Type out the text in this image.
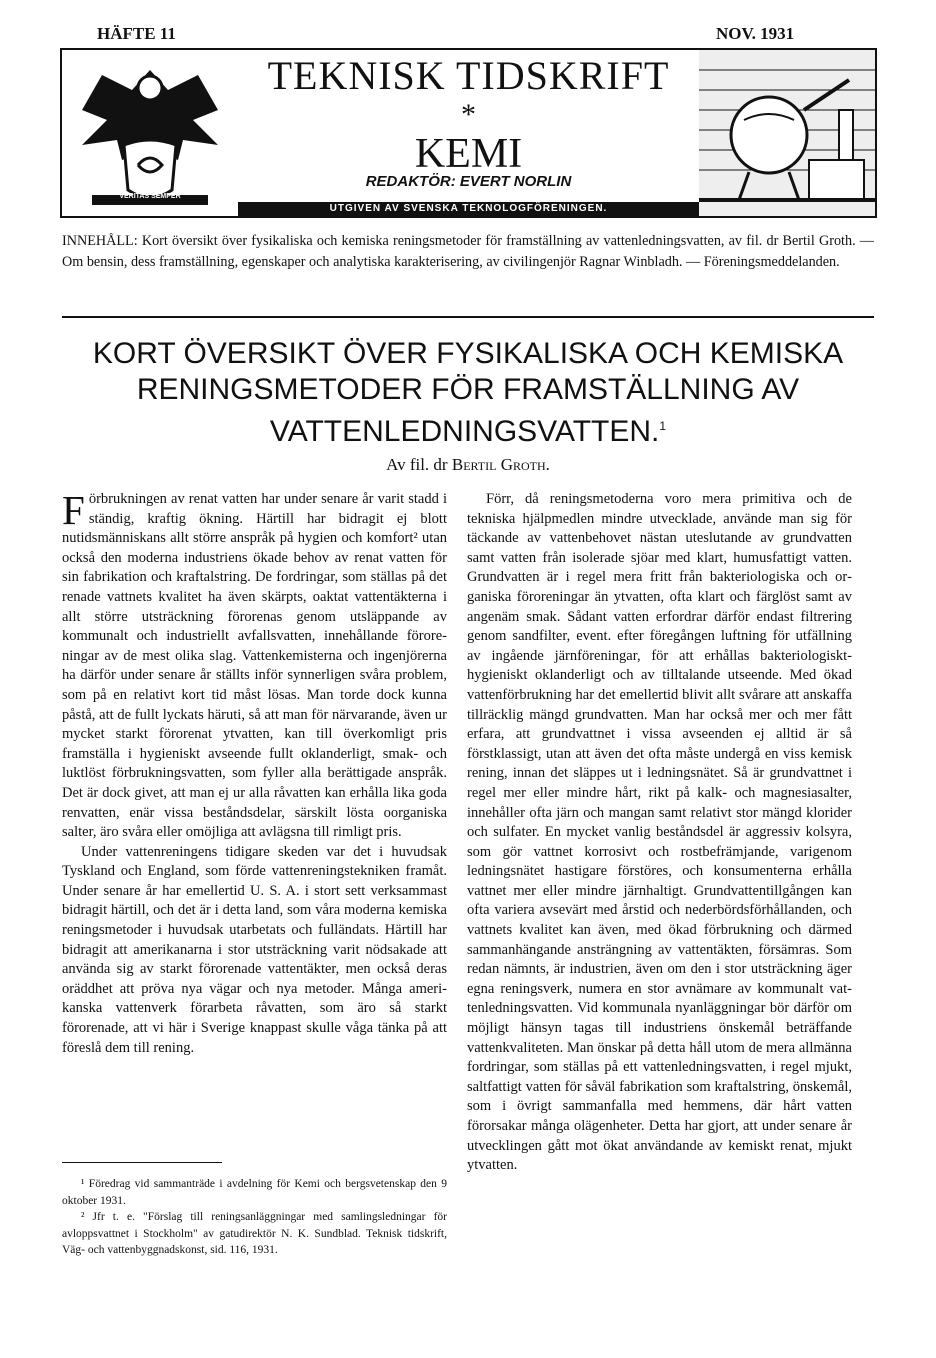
HÄFTE 11	NOV. 1931
VERITAS SEMPER
TEKNISK TIDSKRIFT
*
KEMI
REDAKTÖR: EVERT NORLIN
UTGIVEN AV SVENSKA TEKNOLOGFÖRENINGEN.
INNEHÅLL: Kort översikt över fysikaliska och kemiska reningsmetoder för framställning av vattenledningsvatten, av fil. dr Bertil Groth. — Om bensin, dess framställning, egenskaper och analytiska karakterisering, av civilingenjör Ragnar Winbladh. — Föreningsmeddelanden.
KORT ÖVERSIKT ÖVER FYSIKALISKA OCH KEMISKA RENINGSMETODER FÖR FRAMSTÄLLNING AV VATTENLEDNINGSVATTEN.$^1$
Av fil. dr Bertil Groth.

Förbrukningen av renat vatten har under senare år varit stadd i ständig, kraftig ökning. Härtill har bidragit ej blott nutidsmänniskans allt större anspråk på hygien och komfort² utan också den moderna industriens ökade behov av renat vatten för sin fabrikation och kraftalstring. De fordringar, som ställas på det renade vattnets kvalitet ha även skärpts, oaktat vattentäkterna i allt större utsträckning förorenas genom utsläppande av kommunalt och industriellt avfallsvatten, innehållande föroreningar av de mest olika slag. Vattenkemisterna och ingenjörerna ha därför under senare år ställts inför synnerligen svåra problem, som på en relativt kort tid måst lösas. Man torde dock kunna påstå, att de fullt lyckats häruti, så att man för närvarande, även ur mycket starkt förorenat ytvatten, kan till överkomligt pris framställa i hygieniskt avseende fullt oklanderligt, smak- och luktlöst förbrukningsvatten, som fyller alla berättigade anspråk. Det är dock givet, att man ej ur alla råvatten kan erhålla lika goda renvatten, enär vissa beståndsdelar, särskilt lösta oorganiska salter, äro svåra eller omöjliga att avlägsna till rimligt pris.

Under vattenreningens tidigare skeden var det i huvudsak Tyskland och England, som förde vattenreningstekniken framåt. Under senare år har emellertid U. S. A. i stort sett verksammast bidragit härtill, och det är i detta land, som våra moderna kemiska reningsmetoder i huvudsak utarbetats och fulländats. Härtill har bidragit att amerikanarna i stor utsträckning varit nödsakade att använda sig av starkt förorenade vattentäkter, men också deras oräddhet att pröva nya vägar och nya metoder. Många amerikanska vattenverk förarbeta råvatten, som äro så starkt förorenade, att vi här i Sverige knappast skulle våga tänka på att föreslå dem till rening.

Förr, då reningsmetoderna voro mera primitiva och de tekniska hjälpmedlen mindre utvecklade, använde man sig för täckande av vattenbehovet nästan uteslutande av grundvatten samt vatten från isolerade sjöar med klart, humusfattigt vatten. Grundvatten är i regel mera fritt från bakteriologiska och organiska föroreningar än ytvatten, ofta klart och färglöst samt av angenäm smak. Sådant vatten erfordrar därför endast filtrering genom sandfilter, event. efter föregången luftning för utfällning av ingående järnföreningar, för att erhållas bakteriologiskt-hygieniskt oklanderligt och av tilltalande utseende. Med ökad vattenförbrukning har det emellertid blivit allt svårare att anskaffa tillräcklig mängd grundvatten. Man har också mer och mer fått erfara, att grundvattnet i vissa avseenden ej alltid är så förstklassigt, utan att även det ofta måste undergå en viss kemisk rening, innan det släppes ut i ledningsnätet. Så är grundvattnet i regel mer eller mindre hårt, rikt på kalk- och magnesiasalter, innehåller ofta järn och mangan samt relativt stor mängd klorider och sulfater. En mycket vanlig beståndsdel är aggressiv kolsyra, som gör vattnet korrosivt och rostbefrämjande, varigenom ledningsnätet hastigare förstöres, och konsumenterna erhålla vattnet mer eller mindre järnhaltigt. Grundvattentillgången kan ofta variera avsevärt med årstid och nederbördsförhållanden, och vattnets kvalitet kan även, med ökad förbrukning och därmed sammanhängande ansträngning av vattentäkten, försämras. Som redan nämnts, är industrien, även om den i stor utsträckning äger egna reningsverk, numera en stor avnämare av kommunalt vattenledningsvatten. Vid kommunala nyanläggningar bör därför om möjligt hänsyn tagas till industriens önskemål beträffande vattenkvaliteten. Man önskar på detta håll utom de mera allmänna fordringar, som ställas på ett vattenledningsvatten, i regel mjukt, saltfattigt vatten för såväl fabrikation som kraftalstring, önskemål, som i övrigt sammanfalla med hemmens, där hårt vatten förorsakar många olägenheter. Detta har gjort, att under senare år utvecklingen gått mot ökat användande av kemiskt renat, mjukt ytvatten.

¹ Föredrag vid sammanträde i avdelning för Kemi och bergsvetenskap den 9 oktober 1931.

² Jfr t. e. "Förslag till reningsanläggningar med samlingsledningar för avloppsvattnet i Stockholm" av gatudirektör N. K. Sundblad. Teknisk tidskrift, Väg- och vattenbyggnadskonst, sid. 116, 1931.
